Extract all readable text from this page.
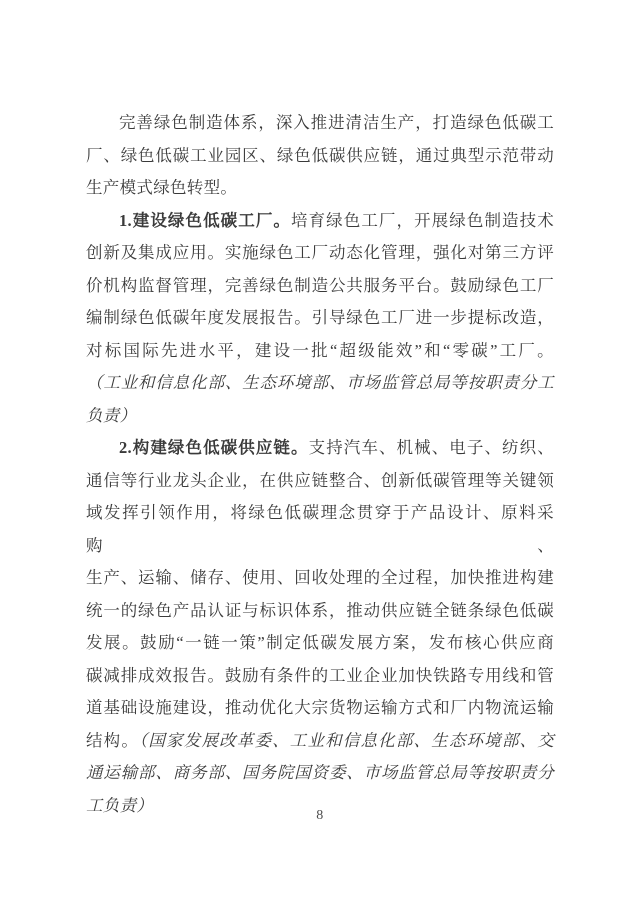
完善绿色制造体系，深入推进清洁生产，打造绿色低碳工
厂、绿色低碳工业园区、绿色低碳供应链，通过典型示范带动
生产模式绿色转型。
1.建设绿色低碳工厂。培育绿色工厂，开展绿色制造技术
创新及集成应用。实施绿色工厂动态化管理，强化对第三方评
价机构监督管理，完善绿色制造公共服务平台。鼓励绿色工厂
编制绿色低碳年度发展报告。引导绿色工厂进一步提标改造，
对标国际先进水平，建设一批“超级能效”和“零碳”工厂。
（工业和信息化部、生态环境部、市场监管总局等按职责分工
负责）
2.构建绿色低碳供应链。支持汽车、机械、电子、纺织、
通信等行业龙头企业，在供应链整合、创新低碳管理等关键领
域发挥引领作用，将绿色低碳理念贯穿于产品设计、原料采购、
生产、运输、储存、使用、回收处理的全过程，加快推进构建
统一的绿色产品认证与标识体系，推动供应链全链条绿色低碳
发展。鼓励“一链一策”制定低碳发展方案，发布核心供应商
碳减排成效报告。鼓励有条件的工业企业加快铁路专用线和管
道基础设施建设，推动优化大宗货物运输方式和厂内物流运输
结构。（国家发展改革委、工业和信息化部、生态环境部、交
通运输部、商务部、国务院国资委、市场监管总局等按职责分
工负责）
8
